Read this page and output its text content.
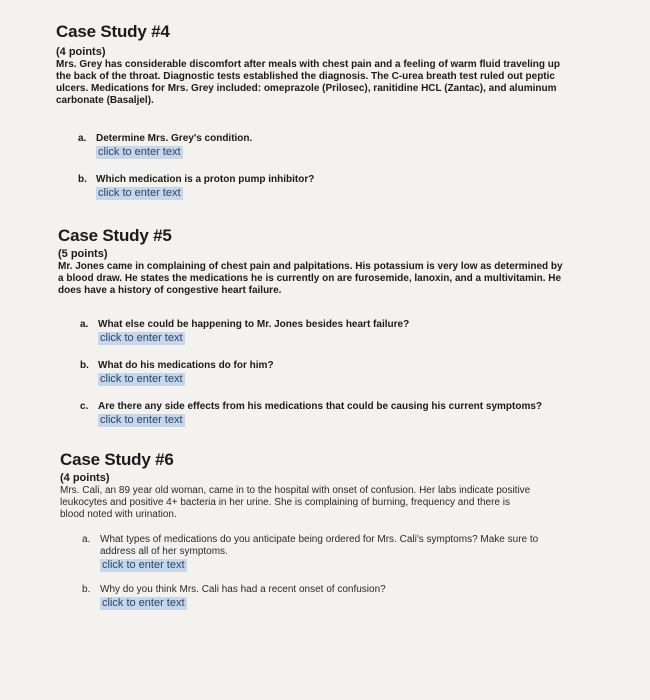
Case Study #4
(4 points)
Mrs. Grey has considerable discomfort after meals with chest pain and a feeling of warm fluid traveling up
the back of the throat. Diagnostic tests established the diagnosis. The C-urea breath test ruled out peptic
ulcers. Medications for Mrs. Grey included: omeprazole (Prilosec), ranitidine HCL (Zantac), and aluminum
carbonate (Basaljel).
a. Determine Mrs. Grey's condition.
click to enter text
b. Which medication is a proton pump inhibitor?
click to enter text
Case Study #5
(5 points)
Mr. Jones came in complaining of chest pain and palpitations. His potassium is very low as determined by
a blood draw. He states the medications he is currently on are furosemide, lanoxin, and a multivitamin. He
does have a history of congestive heart failure.
a. What else could be happening to Mr. Jones besides heart failure?
click to enter text
b. What do his medications do for him?
click to enter text
c. Are there any side effects from his medications that could be causing his current symptoms?
click to enter text
Case Study #6
(4 points)
Mrs. Cali, an 89 year old woman, came in to the hospital with onset of confusion. Her labs indicate positive
leukocytes and positive 4+ bacteria in her urine. She is complaining of burning, frequency and there is
blood noted with urination.
a. What types of medications do you anticipate being ordered for Mrs. Cali's symptoms? Make sure to

address all of her symptoms.
click to enter text
b. Why do you think Mrs. Cali has had a recent onset of confusion?
click to enter text
